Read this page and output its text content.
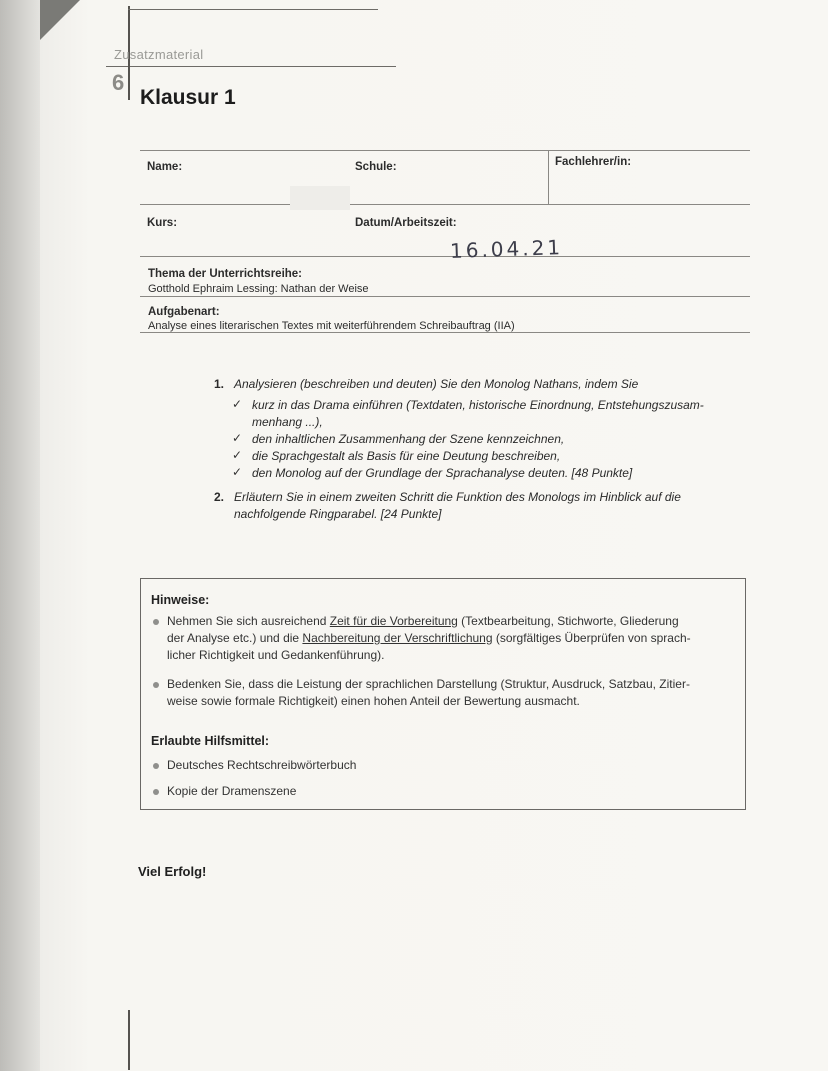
Zusatzmaterial
6
Klausur 1
Name:	Schule:	Fachlehrer/in:
Kurs:	Datum/Arbeitszeit:
16.04.21
Thema der Unterrichtsreihe:
Gotthold Ephraim Lessing: Nathan der Weise
Aufgabenart:
Analyse eines literarischen Textes mit weiterführendem Schreibauftrag (IIA)
1. Analysieren (beschreiben und deuten) Sie den Monolog Nathans, indem Sie
✓ kurz in das Drama einführen (Textdaten, historische Einordnung, Entstehungszusam-
menhang ...),
✓ den inhaltlichen Zusammenhang der Szene kennzeichnen,
✓ die Sprachgestalt als Basis für eine Deutung beschreiben,
✓ den Monolog auf der Grundlage der Sprachanalyse deuten. [48 Punkte]
2. Erläutern Sie in einem zweiten Schritt die Funktion des Monologs im Hinblick auf die
nachfolgende Ringparabel. [24 Punkte]
Hinweise:
Nehmen Sie sich ausreichend Zeit für die Vorbereitung (Textbearbeitung, Stichworte, Gliederung
der Analyse etc.) und die Nachbereitung der Verschriftlichung (sorgfältiges Überprüfen von sprach-
licher Richtigkeit und Gedankenführung).
Bedenken Sie, dass die Leistung der sprachlichen Darstellung (Struktur, Ausdruck, Satzbau, Zitier-
weise sowie formale Richtigkeit) einen hohen Anteil der Bewertung ausmacht.
Erlaubte Hilfsmittel:
Deutsches Rechtschreibwörterbuch
Kopie der Dramenszene
Viel Erfolg!
